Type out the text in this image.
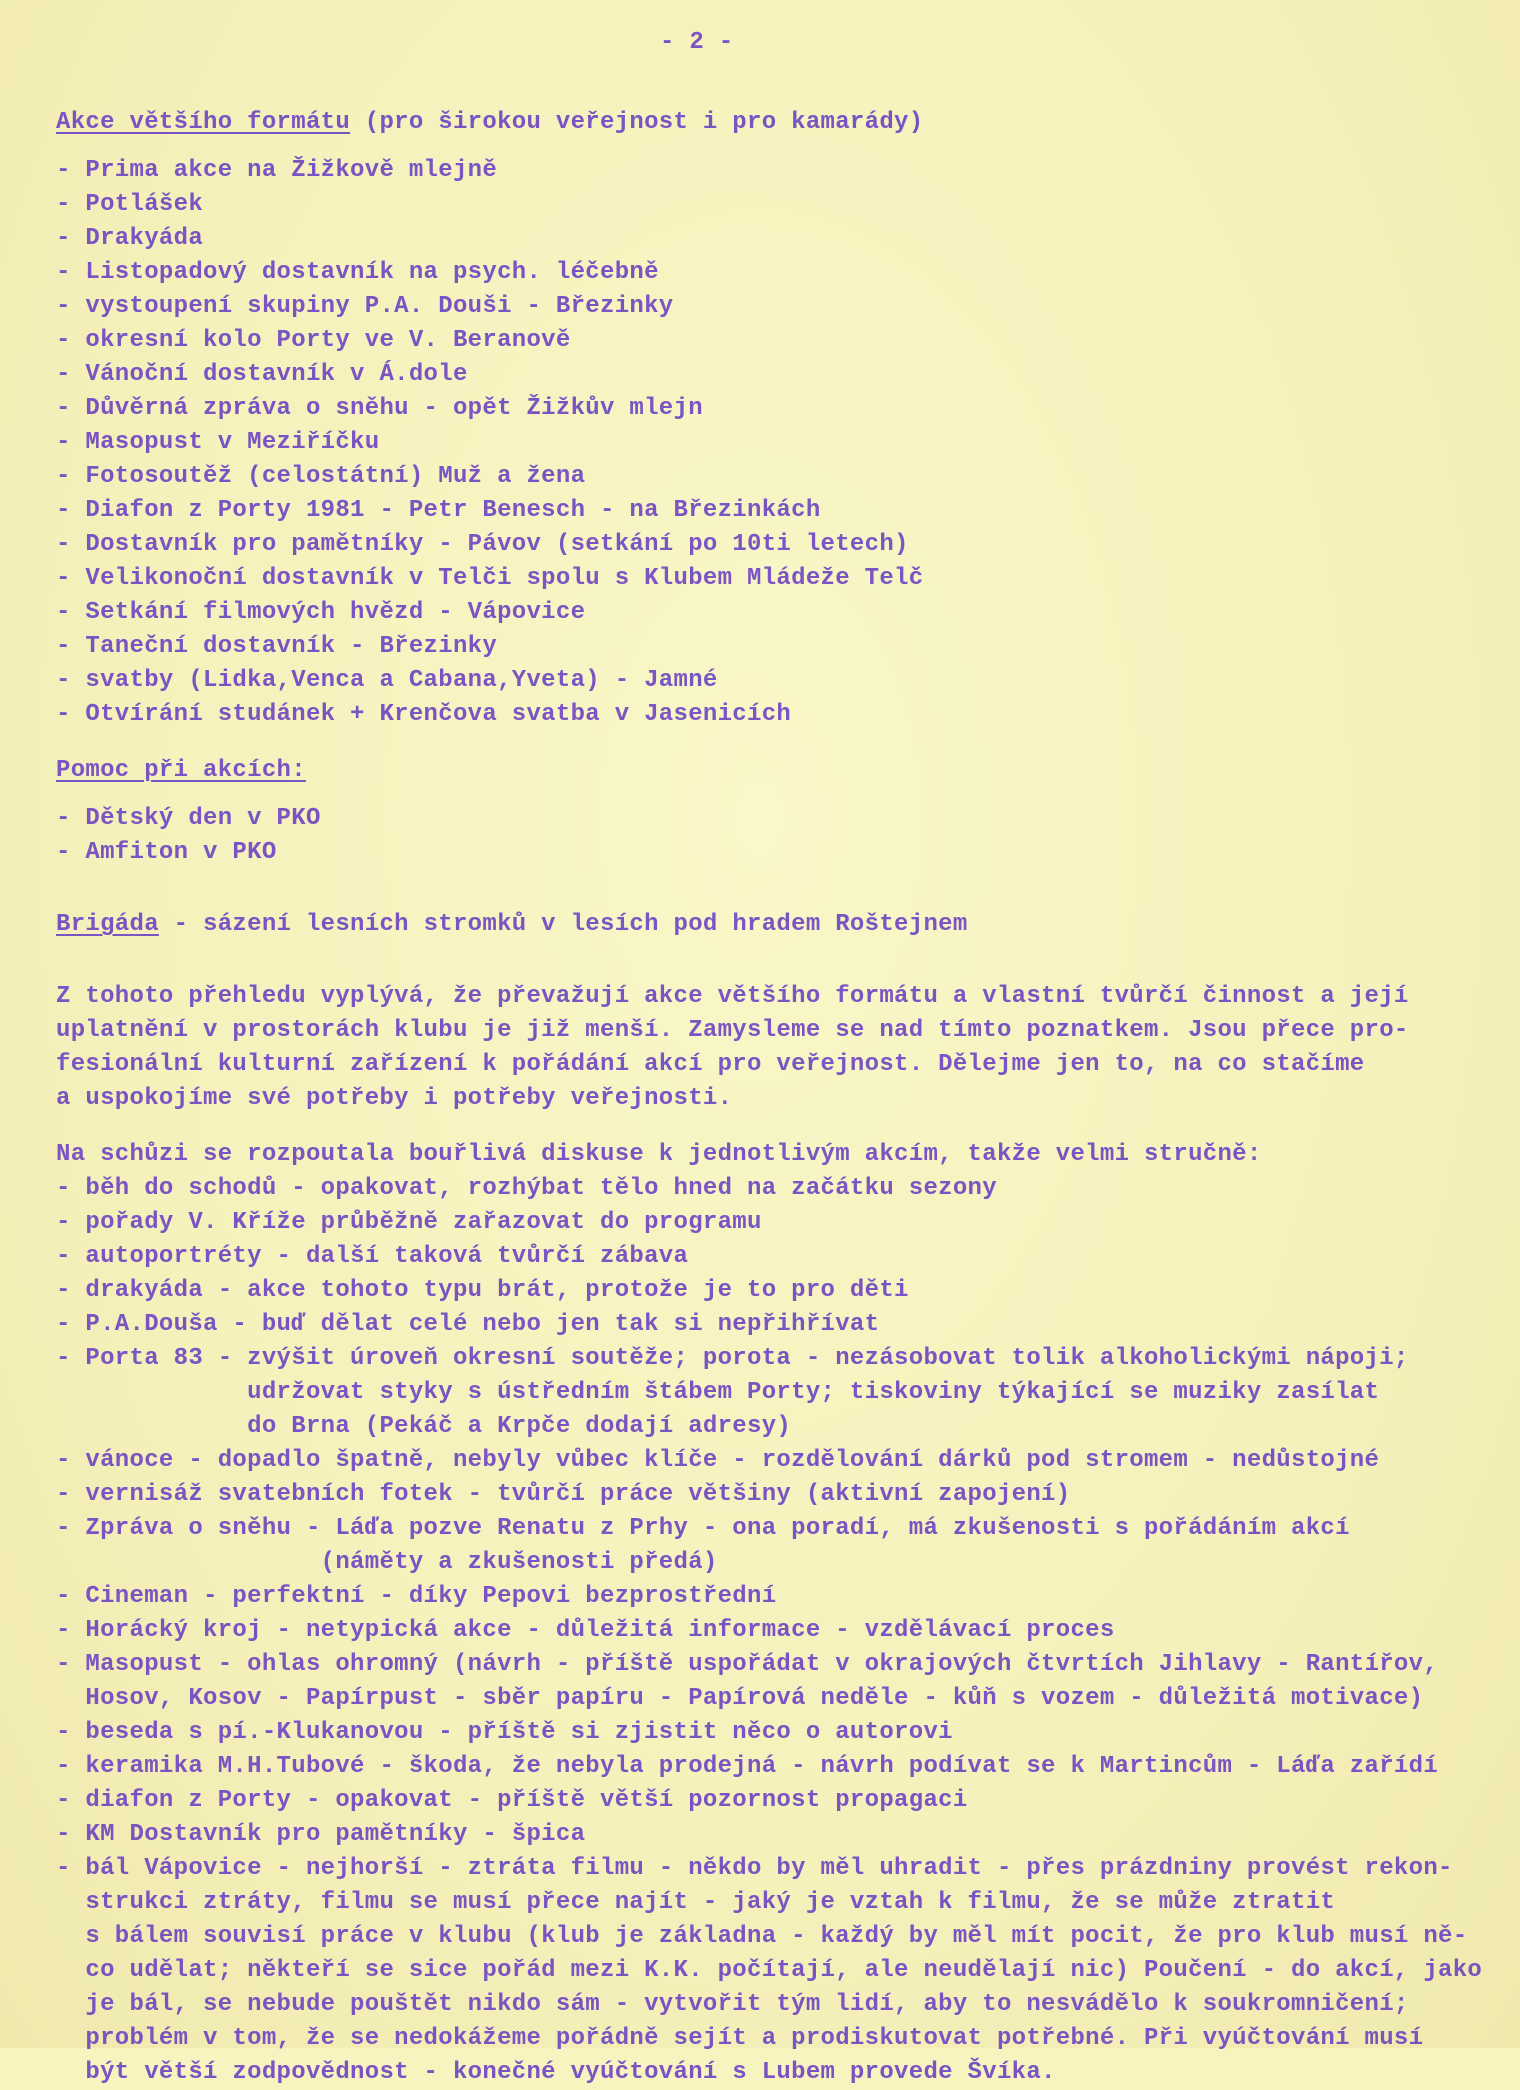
- 2 -
Akce většího formátu (pro širokou veřejnost i pro kamarády)
- Prima akce na Žižkově mlejně
- Potlášek
- Drakyáda
- Listopadový dostavník na psych. léčebně
- vystoupení skupiny P.A. Douši - Březinky
- okresní kolo Porty ve V. Beranově
- Vánoční dostavník v Á.dole
- Důvěrná zpráva o sněhu - opět Žižkův mlejn
- Masopust v Meziříčku
- Fotosoutěž (celostátní) Muž a žena
- Diafon z Porty 1981 - Petr Benesch - na Březinkách
- Dostavník pro pamětníky - Pávov (setkání po 10ti letech)
- Velikonoční dostavník v Telči spolu s Klubem Mládeže Telč
- Setkání filmových hvězd - Vápovice
- Taneční dostavník - Březinky
- svatby (Lidka,Venca a Cabana,Yveta) - Jamné
- Otvírání studánek + Krenčova svatba v Jasenicích
Pomoc při akcích:
- Dětský den v PKO
- Amfiton v PKO
Brigáda - sázení lesních stromků v lesích pod hradem Roštejnem
Z tohoto přehledu vyplývá, že převažují akce většího formátu a vlastní tvůrčí činnost a její
uplatnění v prostorách klubu je již menší. Zamysleme se nad tímto poznatkem. Jsou přece pro-
fesionální kulturní zařízení k pořádání akcí pro veřejnost. Dělejme jen to, na co stačíme
a uspokojíme své potřeby i potřeby veřejnosti.
Na schůzi se rozpoutala bouřlivá diskuse k jednotlivým akcím, takže velmi stručně:
- běh do schodů - opakovat, rozhýbat tělo hned na začátku sezony
- pořady V. Kříže průběžně zařazovat do programu
- autoportréty - další taková tvůrčí zábava
- drakyáda - akce tohoto typu brát, protože je to pro děti
- P.A.Douša - buď dělat celé nebo jen tak si nepřihřívat
- Porta 83 - zvýšit úroveň okresní soutěže; porota - nezásobovat tolik alkoholickými nápoji;
udržovat styky s ústředním štábem Porty; tiskoviny týkající se muziky zasílat
do Brna (Pekáč a Krpče dodají adresy)
- vánoce - dopadlo špatně, nebyly vůbec klíče - rozdělování dárků pod stromem - nedůstojné
- vernisáž svatebních fotek - tvůrčí práce většiny (aktivní zapojení)
- Zpráva o sněhu - Láďa pozve Renatu z Prhy - ona poradí, má zkušenosti s pořádáním akcí
(náměty a zkušenosti předá)
- Cineman - perfektní - díky Pepovi bezprostřední
- Horácký kroj - netypická akce - důležitá informace - vzdělávací proces
- Masopust - ohlas ohromný (návrh - příště uspořádat v okrajových čtvrtích Jihlavy - Rantířov,
Hosov, Kosov - Papírpust - sběr papíru - Papírová neděle - kůň s vozem - důležitá motivace)
- beseda s pí.-Klukanovou - příště si zjistit něco o autorovi
- keramika M.H.Tubové - škoda, že nebyla prodejná - návrh podívat se k Martincům - Láďa zařídí
- diafon z Porty - opakovat - příště větší pozornost propagaci
- KM Dostavník pro pamětníky - špica
- bál Vápovice - nejhorší - ztráta filmu - někdo by měl uhradit - přes prázdniny provést rekon-
strukci ztráty, filmu se musí přece najít - jaký je vztah k filmu, že se může ztratit
s bálem souvisí práce v klubu (klub je základna - každý by měl mít pocit, že pro klub musí ně-
co udělat; někteří se sice pořád mezi K.K. počítají, ale neudělají nic) Poučení - do akcí, jako
je bál, se nebude pouštět nikdo sám - vytvořit tým lidí, aby to nesvádělo k soukromničení;
problém v tom, že se nedokážeme pořádně sejít a prodiskutovat potřebné. Při vyúčtování musí
být větší zodpovědnost - konečné vyúčtování s Lubem provede Švíka.
